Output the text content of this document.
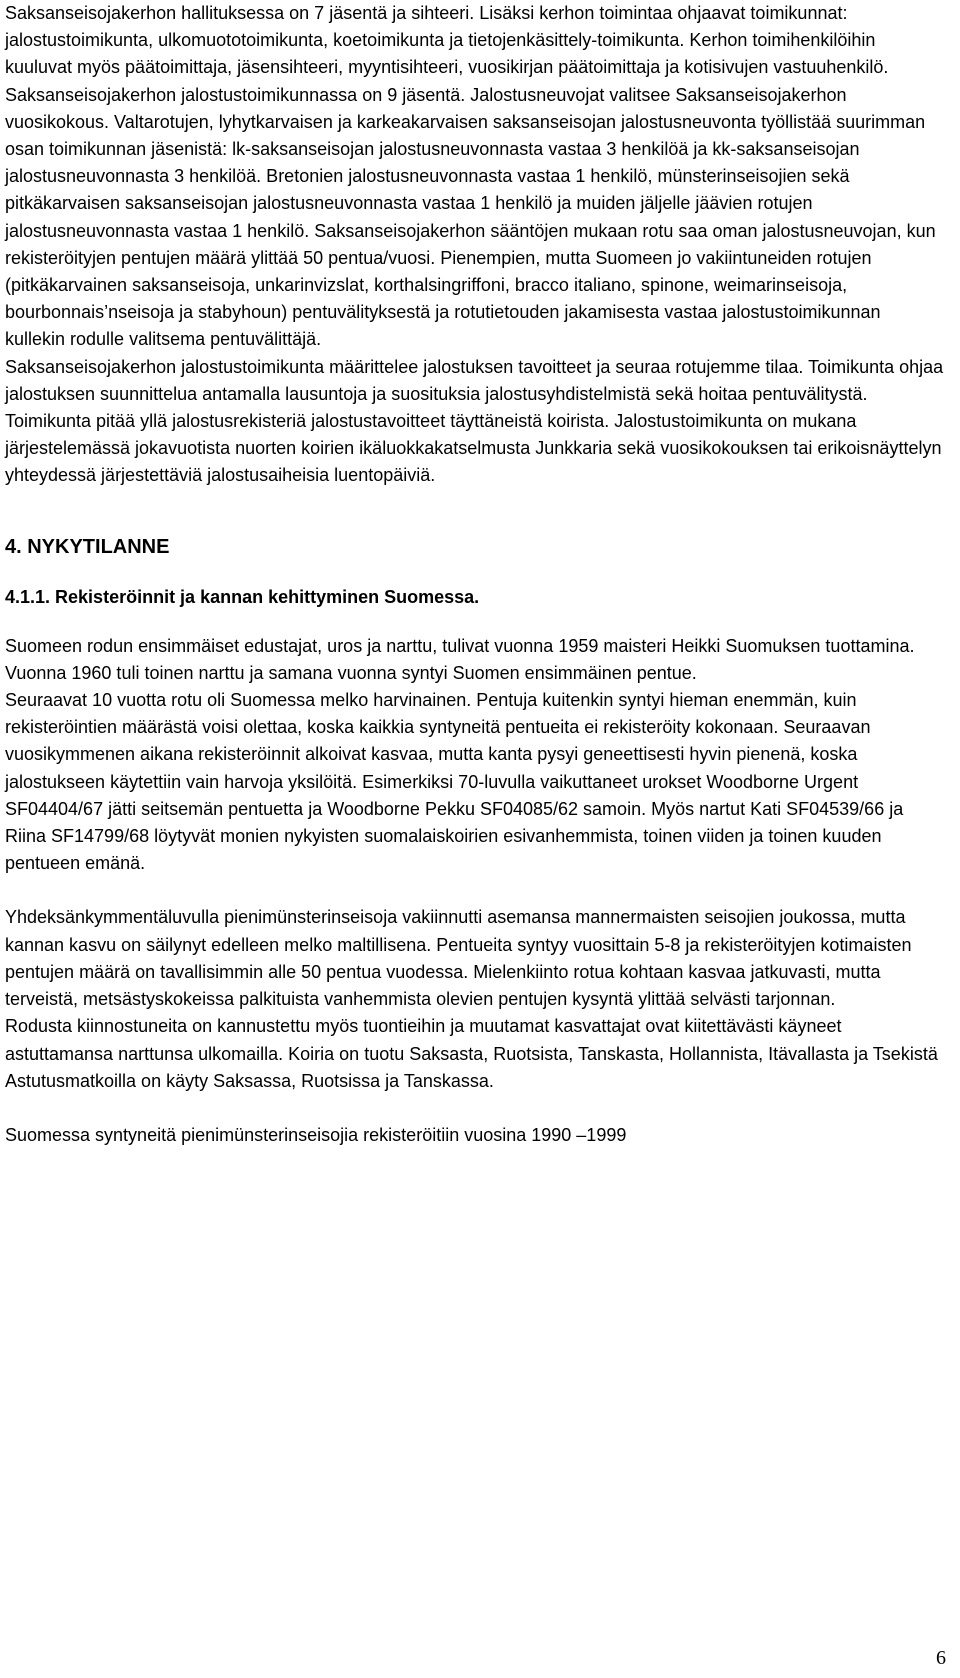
Saksanseisojakerhon hallituksessa on 7 jäsentä ja sihteeri. Lisäksi kerhon toimintaa ohjaavat toimikunnat: jalostustoimikunta, ulkomuototoimikunta, koetoimikunta ja tietojenkäsittely-toimikunta. Kerhon toimihenkilöihin kuuluvat myös päätoimittaja, jäsensihteeri, myyntisihteeri, vuosikirjan päätoimittaja ja kotisivujen vastuuhenkilö. Saksanseisojakerhon jalostustoimikunnassa on 9 jäsentä. Jalostusneuvojat valitsee Saksanseisojakerhon vuosikokous. Valtarotujen, lyhytkarvaisen ja karkeakarvaisen saksanseisojan jalostusneuvonta työllistää suurimman osan toimikunnan jäsenistä: lk-saksanseisojan jalostusneuvonnasta vastaa 3 henkilöä ja kk-saksanseisojan jalostusneuvonnasta 3 henkilöä. Bretonien jalostusneuvonnasta vastaa 1 henkilö, münsterinseisojien sekä pitkäkarvaisen saksanseisojan jalostusneuvonnasta vastaa 1 henkilö ja muiden jäljelle jäävien rotujen jalostusneuvonnasta vastaa 1 henkilö. Saksanseisojakerhon sääntöjen mukaan rotu saa oman jalostusneuvojan, kun rekisteröityjen pentujen määrä ylittää 50 pentua/vuosi. Pienempien, mutta Suomeen jo vakiintuneiden rotujen (pitkäkarvainen saksanseisoja, unkarinvizslat, korthalsingriffoni, bracco italiano, spinone, weimarinseisoja, bourbonnais’nseisoja ja stabyhoun) pentuvälityksestä ja rotutietouden jakamisesta vastaa jalostustoimikunnan kullekin rodulle valitsema pentuvälittäjä.

Saksanseisojakerhon jalostustoimikunta määrittelee jalostuksen tavoitteet ja seuraa rotujemme tilaa. Toimikunta ohjaa jalostuksen suunnittelua antamalla lausuntoja ja suosituksia jalostusyhdistelmistä sekä hoitaa pentuvälitystä. Toimikunta pitää yllä jalostusrekisteriä jalostustavoitteet täyttäneistä koirista. Jalostustoimikunta on mukana järjestelemässä jokavuotista nuorten koirien ikäluokkakatselmusta Junkkaria sekä vuosikokouksen tai erikoisnäyttelyn yhteydessä järjestettäviä jalostusaiheisia luentopäiviä.

4. NYKYTILANNE
4.1.1. Rekisteröinnit ja kannan kehittyminen Suomessa.

Suomeen rodun ensimmäiset edustajat, uros ja narttu, tulivat vuonna 1959 maisteri Heikki Suomuksen tuottamina. Vuonna 1960 tuli toinen narttu ja samana vuonna syntyi Suomen ensimmäinen pentue.

Seuraavat 10 vuotta rotu oli Suomessa melko harvinainen. Pentuja kuitenkin syntyi hieman enemmän, kuin rekisteröintien määrästä voisi olettaa, koska kaikkia syntyneitä pentueita ei rekisteröity kokonaan. Seuraavan vuosikymmenen aikana rekisteröinnit alkoivat kasvaa, mutta kanta pysyi geneettisesti hyvin pienenä, koska jalostukseen käytettiin vain harvoja yksilöitä. Esimerkiksi 70-luvulla vaikuttaneet urokset Woodborne Urgent SF04404/67 jätti seitsemän pentuetta ja Woodborne Pekku SF04085/62 samoin. Myös nartut Kati SF04539/66 ja Riina SF14799/68 löytyvät monien nykyisten suomalaiskoirien esivanhemmista, toinen viiden ja toinen kuuden pentueen emänä.

Yhdeksänkymmentäluvulla pienimünsterinseisoja vakiinnutti asemansa mannermaisten seisojien joukossa, mutta kannan kasvu on säilynyt edelleen melko maltillisena. Pentueita syntyy vuosittain 5-8 ja rekisteröityjen kotimaisten pentujen määrä on tavallisimmin alle 50 pentua vuodessa. Mielenkiinto rotua kohtaan kasvaa jatkuvasti, mutta terveistä, metsästyskokeissa palkituista vanhemmista olevien pentujen kysyntä ylittää selvästi tarjonnan.

Rodusta kiinnostuneita on kannustettu myös tuontieihin ja muutamat kasvattajat ovat kiitettävästi käyneet astuttamansa narttunsa ulkomailla. Koiria on tuotu Saksasta, Ruotsista, Tanskasta, Hollannista, Itävallasta ja Tsekistä Astutusmatkoilla on käyty Saksassa, Ruotsissa ja Tanskassa.

Suomessa syntyneitä pienimünsterinseisojia rekisteröitiin vuosina 1990 –1999

6
